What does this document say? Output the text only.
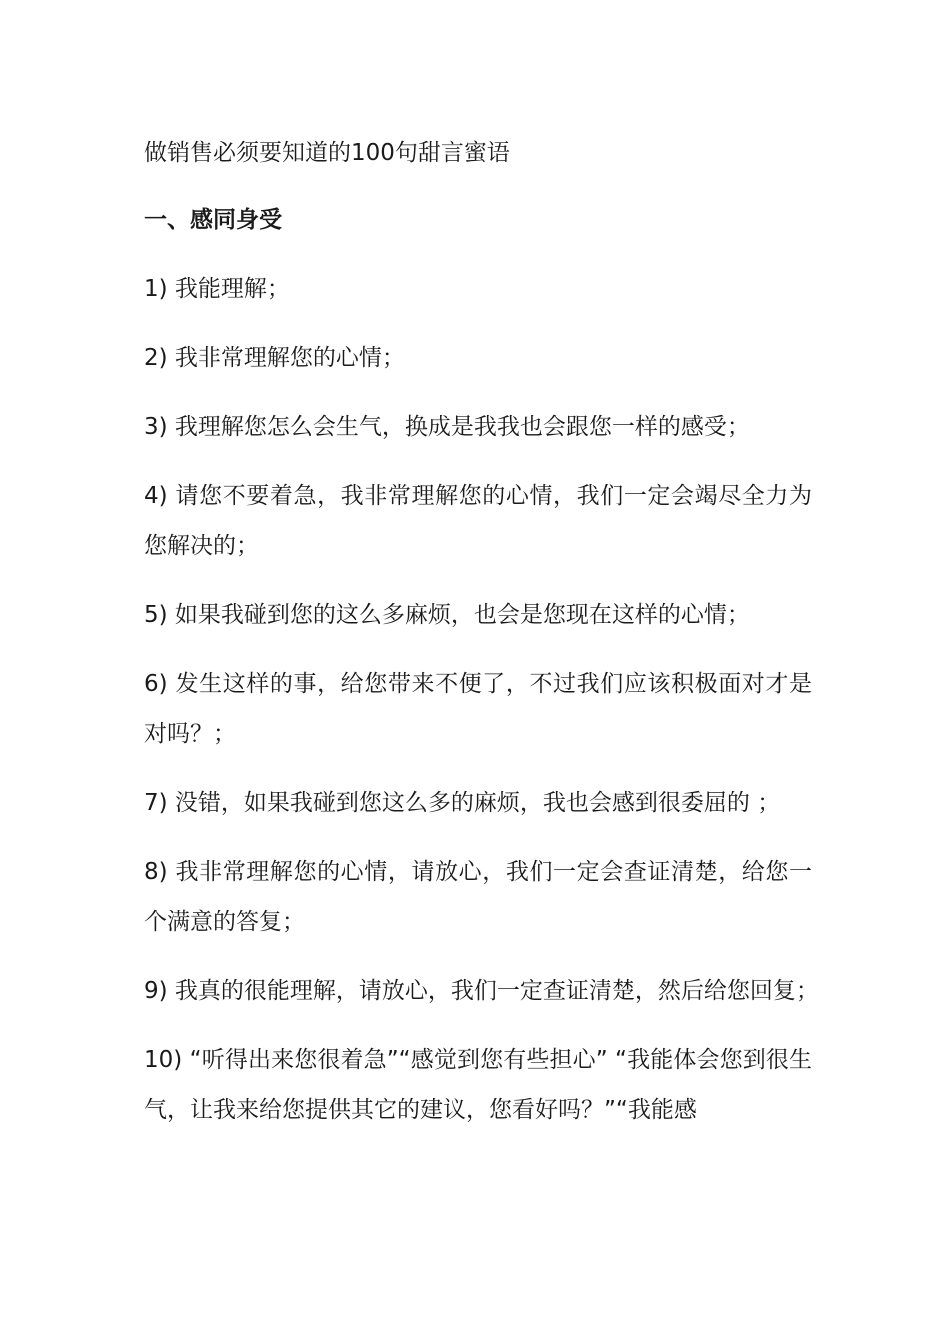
做销售必须要知道的100句甜言蜜语
一、感同身受
1) 我能理解；
2) 我非常理解您的心情；
3) 我理解您怎么会生气，换成是我我也会跟您一样的感受；
4) 请您不要着急，我非常理解您的心情，我们一定会竭尽全力为您解决的；
5) 如果我碰到您的这么多麻烦，也会是您现在这样的心情；
6) 发生这样的事，给您带来不便了，不过我们应该积极面对才是对吗？；
7) 没错，如果我碰到您这么多的麻烦，我也会感到很委屈的 ；
8) 我非常理解您的心情，请放心，我们一定会查证清楚，给您一个满意的答复；
9) 我真的很能理解，请放心，我们一定查证清楚，然后给您回复；
10) “听得出来您很着急”“感觉到您有些担心” “我能体会您到很生气，让我来给您提供其它的建议，您看好吗？”“我能感
